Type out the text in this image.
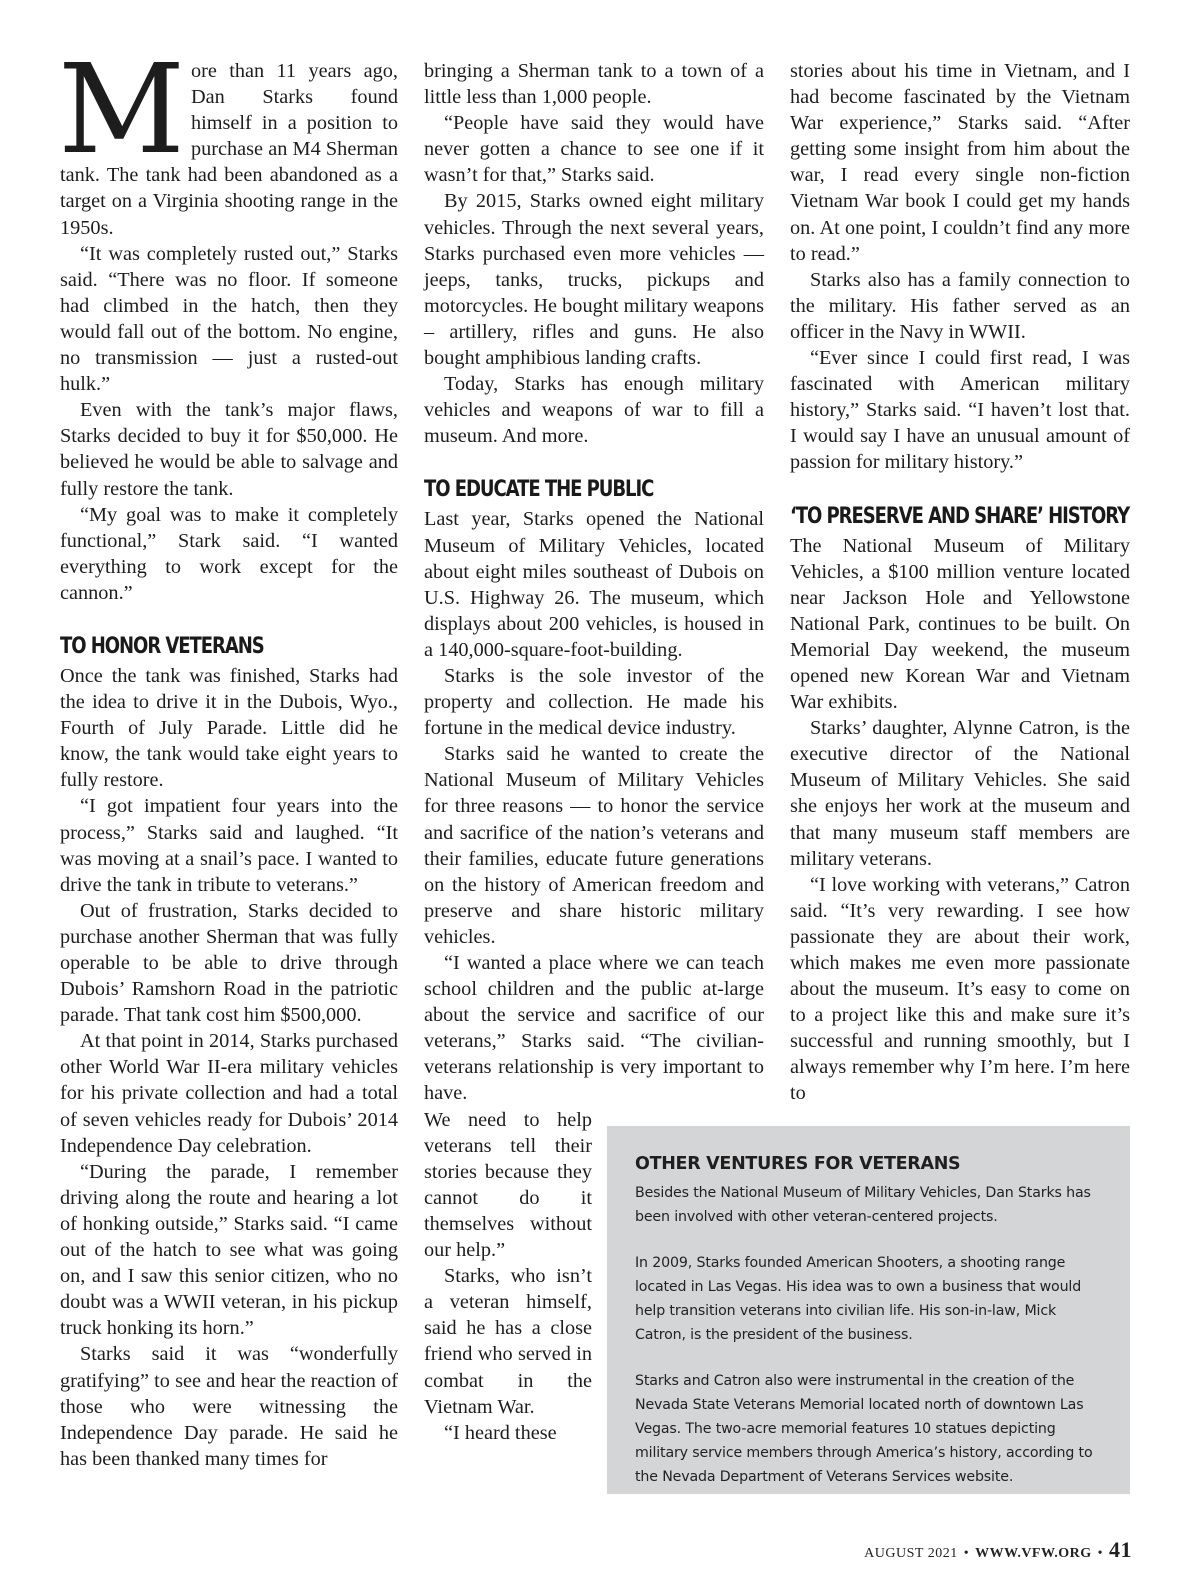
More than 11 years ago, Dan Starks found himself in a position to purchase an M4 Sherman tank. The tank had been abandoned as a target on a Virginia shooting range in the 1950s.

“It was completely rusted out,” Starks said. “There was no floor. If someone had climbed in the hatch, then they would fall out of the bottom. No engine, no transmission — just a rusted-out hulk.”

Even with the tank’s major flaws, Starks decided to buy it for $50,000. He believed he would be able to salvage and fully restore the tank.

“My goal was to make it completely functional,” Stark said. “I wanted everything to work except for the cannon.”

TO HONOR VETERANS

Once the tank was finished, Starks had the idea to drive it in the Dubois, Wyo., Fourth of July Parade. Little did he know, the tank would take eight years to fully restore.

“I got impatient four years into the process,” Starks said and laughed. “It was moving at a snail’s pace. I wanted to drive the tank in tribute to veterans.”

Out of frustration, Starks decided to purchase another Sherman that was fully operable to be able to drive through Dubois’ Ramshorn Road in the patriotic parade. That tank cost him $500,000.

At that point in 2014, Starks purchased other World War II-era military vehicles for his private collection and had a total of seven vehicles ready for Dubois’ 2014 Independence Day celebration.

“During the parade, I remember driving along the route and hearing a lot of honking outside,” Starks said. “I came out of the hatch to see what was going on, and I saw this senior citizen, who no doubt was a WWII veteran, in his pickup truck honking its horn.”

Starks said it was “wonderfully gratifying” to see and hear the reaction of those who were witnessing the Independence Day parade. He said he has been thanked many times for

bringing a Sherman tank to a town of a little less than 1,000 people.

“People have said they would have never gotten a chance to see one if it wasn’t for that,” Starks said.

By 2015, Starks owned eight military vehicles. Through the next several years, Starks purchased even more vehicles — jeeps, tanks, trucks, pickups and motorcycles. He bought military weapons – artillery, rifles and guns. He also bought amphibious landing crafts.

Today, Starks has enough military vehicles and weapons of war to fill a museum. And more.

TO EDUCATE THE PUBLIC

Last year, Starks opened the National Museum of Military Vehicles, located about eight miles southeast of Dubois on U.S. Highway 26. The museum, which displays about 200 vehicles, is housed in a 140,000-square-foot-building.

Starks is the sole investor of the property and collection. He made his fortune in the medical device industry.

Starks said he wanted to create the National Museum of Military Vehicles for three reasons — to honor the service and sacrifice of the nation’s veterans and their families, educate future generations on the history of American freedom and preserve and share historic military vehicles.

“I wanted a place where we can teach school children and the public at-large about the service and sacrifice of our veterans,” Starks said. “The civilian-veterans relationship is very important to have.

We need to help veterans tell their stories because they cannot do it themselves without our help.”

Starks, who isn’t a veteran himself, said he has a close friend who served in combat in the Vietnam War.

“I heard these

stories about his time in Vietnam, and I had become fascinated by the Vietnam War experience,” Starks said. “After getting some insight from him about the war, I read every single non-fiction Vietnam War book I could get my hands on. At one point, I couldn’t find any more to read.”

Starks also has a family connection to the military. His father served as an officer in the Navy in WWII.

“Ever since I could first read, I was fascinated with American military history,” Starks said. “I haven’t lost that. I would say I have an unusual amount of passion for military history.”

‘TO PRESERVE AND SHARE’ HISTORY

The National Museum of Military Vehicles, a $100 million venture located near Jackson Hole and Yellowstone National Park, continues to be built. On Memorial Day weekend, the museum opened new Korean War and Vietnam War exhibits.

Starks’ daughter, Alynne Catron, is the executive director of the National Museum of Military Vehicles. She said she enjoys her work at the museum and that many museum staff members are military veterans.

“I love working with veterans,” Catron said. “It’s very rewarding. I see how passionate they are about their work, which makes me even more passionate about the museum. It’s easy to come on to a project like this and make sure it’s successful and running smoothly, but I always remember why I’m here. I’m here to

OTHER VENTURES FOR VETERANS

Besides the National Museum of Military Vehicles, Dan Starks has been involved with other veteran-centered projects.

In 2009, Starks founded American Shooters, a shooting range located in Las Vegas. His idea was to own a business that would help transition veterans into civilian life. His son-in-law, Mick Catron, is the president of the business.

Starks and Catron also were instrumental in the creation of the Nevada State Veterans Memorial located north of downtown Las Vegas. The two-acre memorial features 10 statues depicting military service members through America’s history, according to the Nevada Department of Veterans Services website.

AUGUST 2021 • WWW.VFW.ORG • 41
